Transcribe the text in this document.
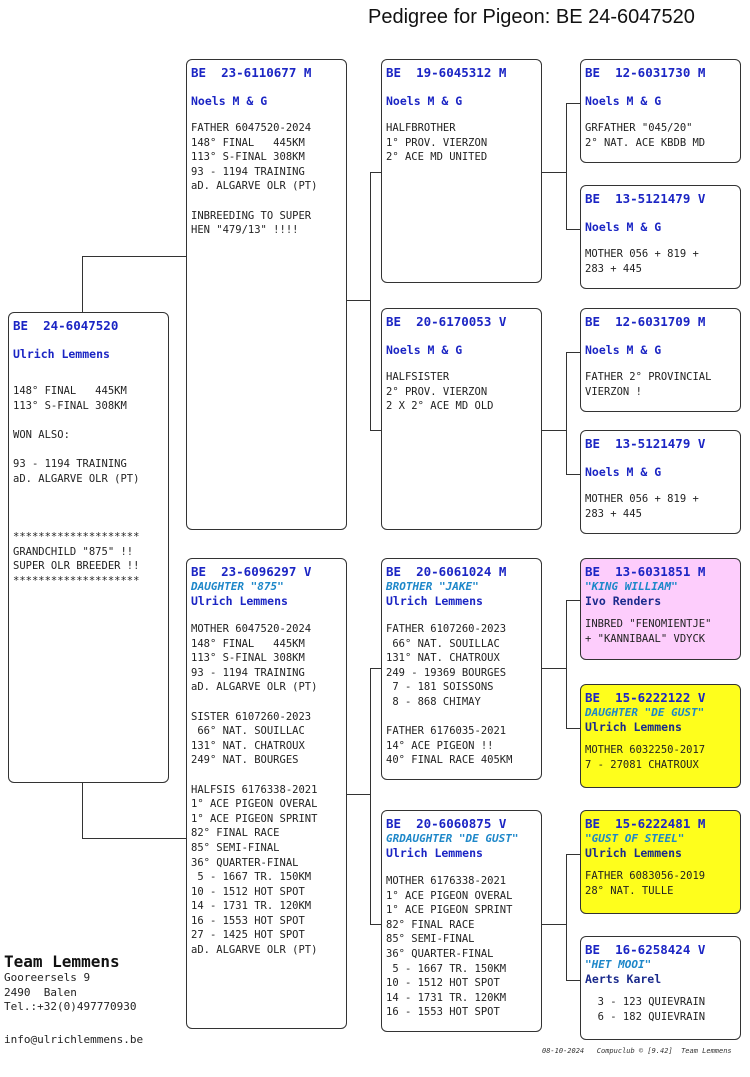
Pedigree for Pigeon: BE 24-6047520
BE  24-6047520
Ulrich Lemmens
148° FINAL   445KM
113° S-FINAL 308KM

WON ALSO:

93 - 1194 TRAINING
aD. ALGARVE OLR (PT)

********************
GRANDCHILD "875" !!
SUPER OLR BREEDER !!
********************
BE  23-6110677 M
Noels M & G
FATHER 6047520-2024
148° FINAL   445KM
113° S-FINAL 308KM
93 - 1194 TRAINING
aD. ALGARVE OLR (PT)

INBREEDING TO SUPER
HEN "479/13" !!!!
BE  23-6096297 V
DAUGHTER "875"
Ulrich Lemmens
MOTHER 6047520-2024
148° FINAL   445KM
113° S-FINAL 308KM
93 - 1194 TRAINING
aD. ALGARVE OLR (PT)

SISTER 6107260-2023
66° NAT. SOUILLAC
131° NAT. CHATROUX
249° NAT. BOURGES

HALFSIS 6176338-2021
1° ACE PIGEON OVERAL
1° ACE PIGEON SPRINT
82° FINAL RACE
85° SEMI-FINAL
36° QUARTER-FINAL
5 - 1667 TR. 150KM
10 - 1512 HOT SPOT
14 - 1731 TR. 120KM
16 - 1553 HOT SPOT
27 - 1425 HOT SPOT
aD. ALGARVE OLR (PT)
BE  19-6045312 M
Noels M & G
HALFBROTHER
1° PROV. VIERZON
2° ACE MD UNITED
BE  20-6170053 V
Noels M & G
HALFSISTER
2° PROV. VIERZON
2 X 2° ACE MD OLD
BE  20-6061024 M
BROTHER "JAKE"
Ulrich Lemmens
FATHER 6107260-2023
66° NAT. SOUILLAC
131° NAT. CHATROUX
249 - 19369 BOURGES
7 - 181 SOISSONS
8 - 868 CHIMAY

FATHER 6176035-2021
14° ACE PIGEON !!
40° FINAL RACE 405KM
BE  20-6060875 V
GRDAUGHTER "DE GUST"
Ulrich Lemmens
MOTHER 6176338-2021
1° ACE PIGEON OVERAL
1° ACE PIGEON SPRINT
82° FINAL RACE
85° SEMI-FINAL
36° QUARTER-FINAL
5 - 1667 TR. 150KM
10 - 1512 HOT SPOT
14 - 1731 TR. 120KM
16 - 1553 HOT SPOT
BE  12-6031730 M
Noels M & G
GRFATHER "045/20"
2° NAT. ACE KBDB MD
BE  13-5121479 V
Noels M & G
MOTHER 056 + 819 +
283 + 445
BE  12-6031709 M
Noels M & G
FATHER 2° PROVINCIAL
VIERZON !
BE  13-5121479 V
Noels M & G
MOTHER 056 + 819 +
283 + 445
BE  13-6031851 M
"KING WILLIAM"
Ivo Renders
INBRED "FENOMIENTJE"
+ "KANNIBAAL" VDYCK
BE  15-6222122 V
DAUGHTER "DE GUST"
Ulrich Lemmens
MOTHER 6032250-2017
7 - 27081 CHATROUX
BE  15-6222481 M
"GUST OF STEEL"
Ulrich Lemmens
FATHER 6083056-2019
28° NAT. TULLE
BE  16-6258424 V
"HET MOOI"
Aerts Karel
3 - 123 QUIEVRAIN
6 - 182 QUIEVRAIN
Team Lemmens
Gooreersels 9
2490  Balen
Tel.:+32(0)497770930
info@ulrichlemmens.be
08-10-2024   Compuclub © [9.42]  Team Lemmens
